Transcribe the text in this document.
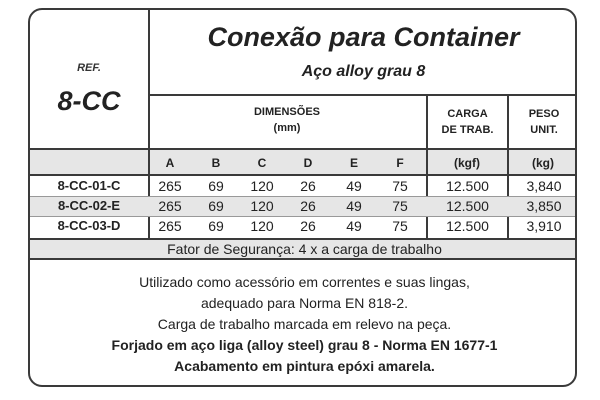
REF.
8-CC
Conexão para Container
Aço alloy grau 8
DIMENSÕES
(mm)
CARGA
DE TRAB.
PESO
UNIT.
A	B	C	D	E	F	(kgf)	(kg)
8-CC-01-C	265	69	120	26	49	75	12.500	3,840
8-CC-02-E	265	69	120	26	49	75	12.500	3,850
8-CC-03-D	265	69	120	26	49	75	12.500	3,910
Fator de Segurança: 4 x a carga de trabalho
Utilizado como acessório em correntes e suas lingas,
adequado para Norma EN 818-2.
Carga de trabalho marcada em relevo na peça.
Forjado em aço liga (alloy steel) grau 8 - Norma EN 1677-1
Acabamento em pintura epóxi amarela.
